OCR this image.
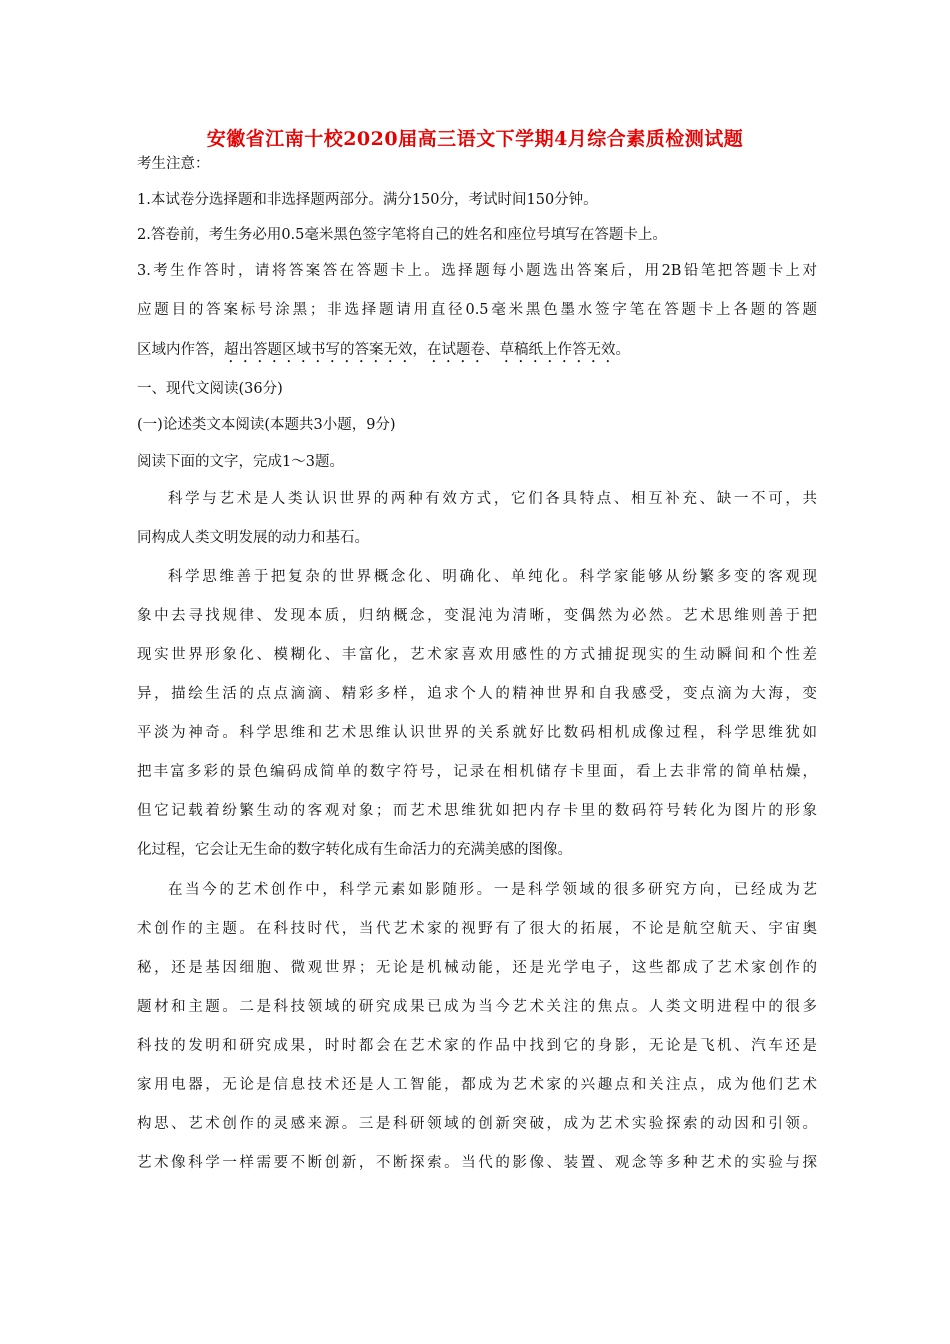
安徽省江南十校2020届高三语文下学期4月综合素质检测试题

考生注意：

1.本试卷分选择题和非选择题两部分。满分150分，考试时间150分钟。

2.答卷前，考生务必用0.5毫米黑色签字笔将自己的姓名和座位号填写在答题卡上。

3.考生作答时，请将答案答在答题卡上。选择题每小题选出答案后，用2B铅笔把答题卡上对

应题目的答案标号涂黑；非选择题请用直径0.5毫米黑色墨水签字笔在答题卡上各题的答题

区域内作答，超出答题区域书写的答案无效，在试题卷、草稿纸上作答无效。

一、现代文阅读(36分)

(一)论述类文本阅读(本题共3小题，9分)

阅读下面的文字，完成1～3题。

科学与艺术是人类认识世界的两种有效方式，它们各具特点、相互补充、缺一不可，共

同构成人类文明发展的动力和基石。

科学思维善于把复杂的世界概念化、明确化、单纯化。科学家能够从纷繁多变的客观现

象中去寻找规律、发现本质，归纳概念，变混沌为清晰，变偶然为必然。艺术思维则善于把

现实世界形象化、模糊化、丰富化，艺术家喜欢用感性的方式捕捉现实的生动瞬间和个性差

异，描绘生活的点点滴滴、精彩多样，追求个人的精神世界和自我感受，变点滴为大海，变

平淡为神奇。科学思维和艺术思维认识世界的关系就好比数码相机成像过程，科学思维犹如

把丰富多彩的景色编码成简单的数字符号，记录在相机储存卡里面，看上去非常的简单枯燥，

但它记载着纷繁生动的客观对象；而艺术思维犹如把内存卡里的数码符号转化为图片的形象

化过程，它会让无生命的数字转化成有生命活力的充满美感的图像。

在当今的艺术创作中，科学元素如影随形。一是科学领域的很多研究方向，已经成为艺

术创作的主题。在科技时代，当代艺术家的视野有了很大的拓展，不论是航空航天、宇宙奥

秘，还是基因细胞、微观世界；无论是机械动能，还是光学电子，这些都成了艺术家创作的

题材和主题。二是科技领域的研究成果已成为当今艺术关注的焦点。人类文明进程中的很多

科技的发明和研究成果，时时都会在艺术家的作品中找到它的身影，无论是飞机、汽车还是

家用电器，无论是信息技术还是人工智能，都成为艺术家的兴趣点和关注点，成为他们艺术

构思、艺术创作的灵感来源。三是科研领域的创新突破，成为艺术实验探索的动因和引领。

艺术像科学一样需要不断创新，不断探索。当代的影像、装置、观念等多种艺术的实验与探
